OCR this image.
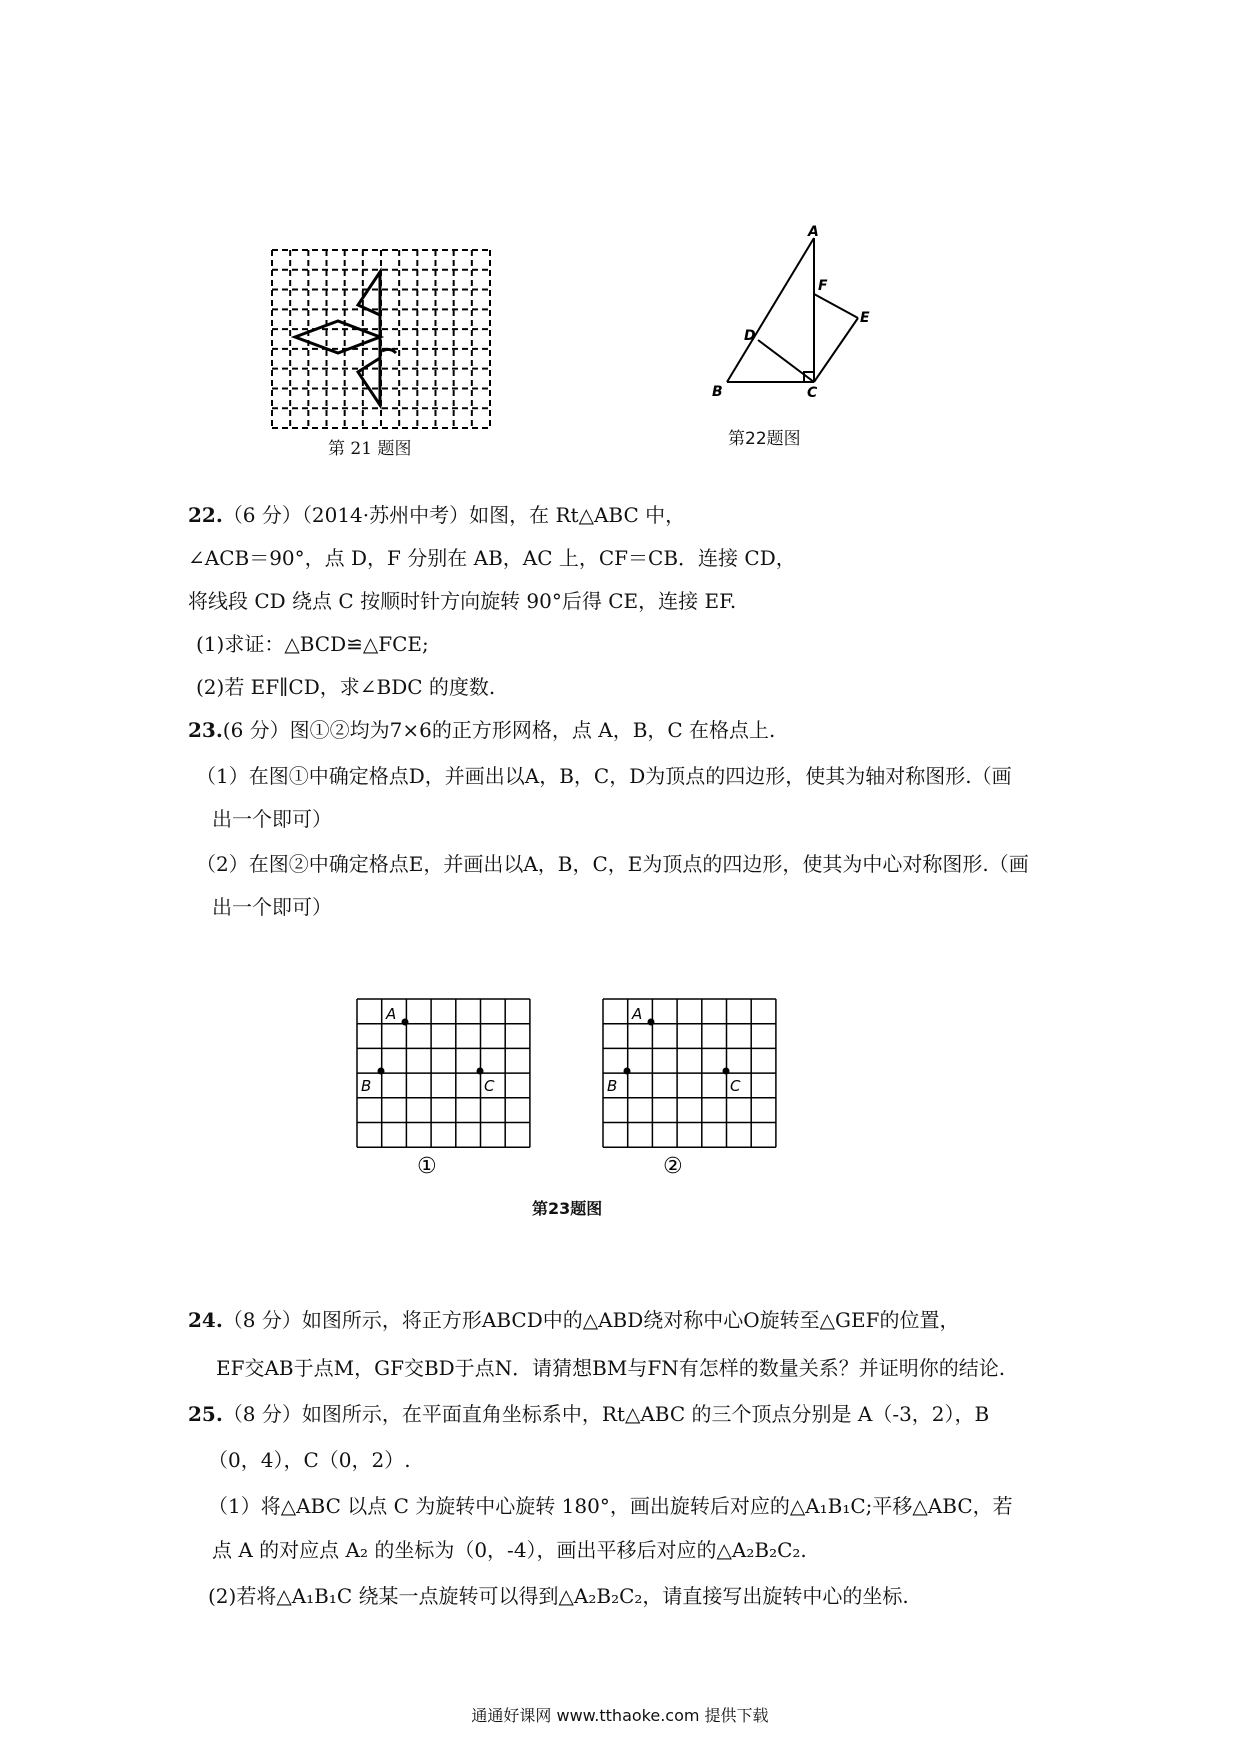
第 21 题图
A
B	C
D
E
F
第22题图
22.（6 分）（2014·苏州中考）如图，在 Rt△ABC 中，
∠ACB＝90°，点 D，F 分别在 AB，AC 上，CF＝CB．连接 CD，
将线段 CD 绕点 C 按顺时针方向旋转 90°后得 CE，连接 EF.
(1)求证：△BCD≌△FCE;
(2)若 EF∥CD，求∠BDC 的度数.
23.(6 分）图①②均为7×6的正方形网格，点 A，B，C 在格点上.
（1）在图①中确定格点D，并画出以A，B，C，D为顶点的四边形，使其为轴对称图形.（画
出一个即可）
（2）在图②中确定格点E，并画出以A，B，C，E为顶点的四边形，使其为中心对称图形.（画
出一个即可）
A
B	C
①
A
B	C
②
第23题图
24.（8 分）如图所示，将正方形ABCD中的△ABD绕对称中心O旋转至△GEF的位置，
EF交AB于点M，GF交BD于点N．请猜想BM与FN有怎样的数量关系？并证明你的结论.
25.（8 分）如图所示，在平面直角坐标系中，Rt△ABC 的三个顶点分别是 A（-3，2），B
（0，4），C（0，2）.
（1）将△ABC 以点 C 为旋转中心旋转 180°，画出旋转后对应的△A₁B₁C;平移△ABC，若
点 A 的对应点 A₂ 的坐标为（0，-4），画出平移后对应的△A₂B₂C₂.
(2)若将△A₁B₁C 绕某一点旋转可以得到△A₂B₂C₂，请直接写出旋转中心的坐标.
通通好课网 www.tthaoke.com 提供下载
